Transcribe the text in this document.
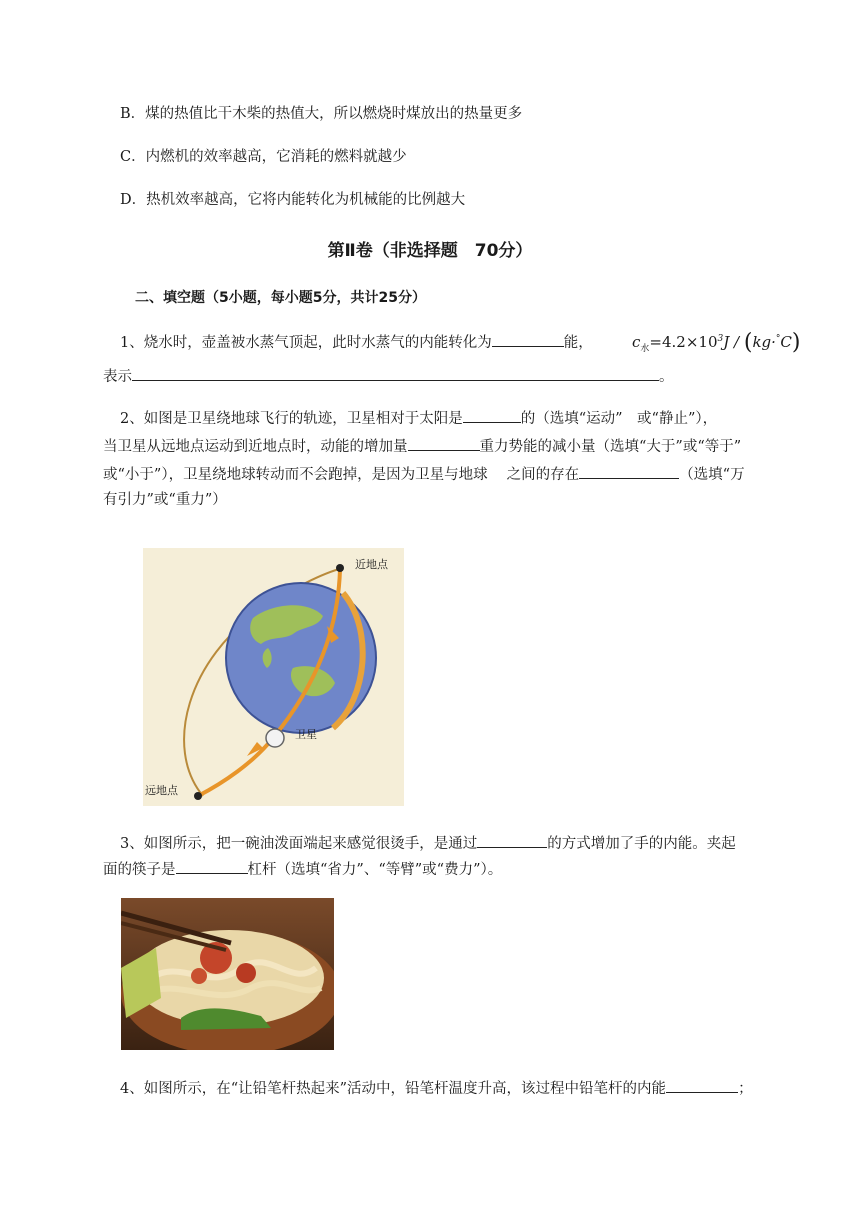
B．煤的热值比干木柴的热值大，所以燃烧时煤放出的热量更多
C．内燃机的效率越高，它消耗的燃料就越少
D．热机效率越高，它将内能转化为机械能的比例越大
第Ⅱ卷（非选择题　70分）
二、填空题（5小题，每小题5分，共计25分）
1、烧水时，壶盖被水蒸气顶起，此时水蒸气的内能转化为	能，	$c_水=4.2\times 10^3J / (kg\cdot^\circ C)$
表示	。
2、如图是卫星绕地球飞行的轨迹，卫星相对于太阳是	的（选填“运动”　或“静止”），
当卫星从远地点运动到近地点时，动能的增加量	重力势能的减小量（选填“大于”或“等于”
或“小于”），卫星绕地球转动而不会跑掉，是因为卫星与地球　 之间的存在	（选填“万
有引力”或“重力”）
近地点
远地点
卫星
3、如图所示，把一碗油泼面端起来感觉很烫手，是通过	的方式增加了手的内能。夹起
面的筷子是	杠杆（选填“省力”、“等臂”或“费力”）。
4、如图所示，在“让铅笔杆热起来”活动中，铅笔杆温度升高，该过程中铅笔杆的内能	；
